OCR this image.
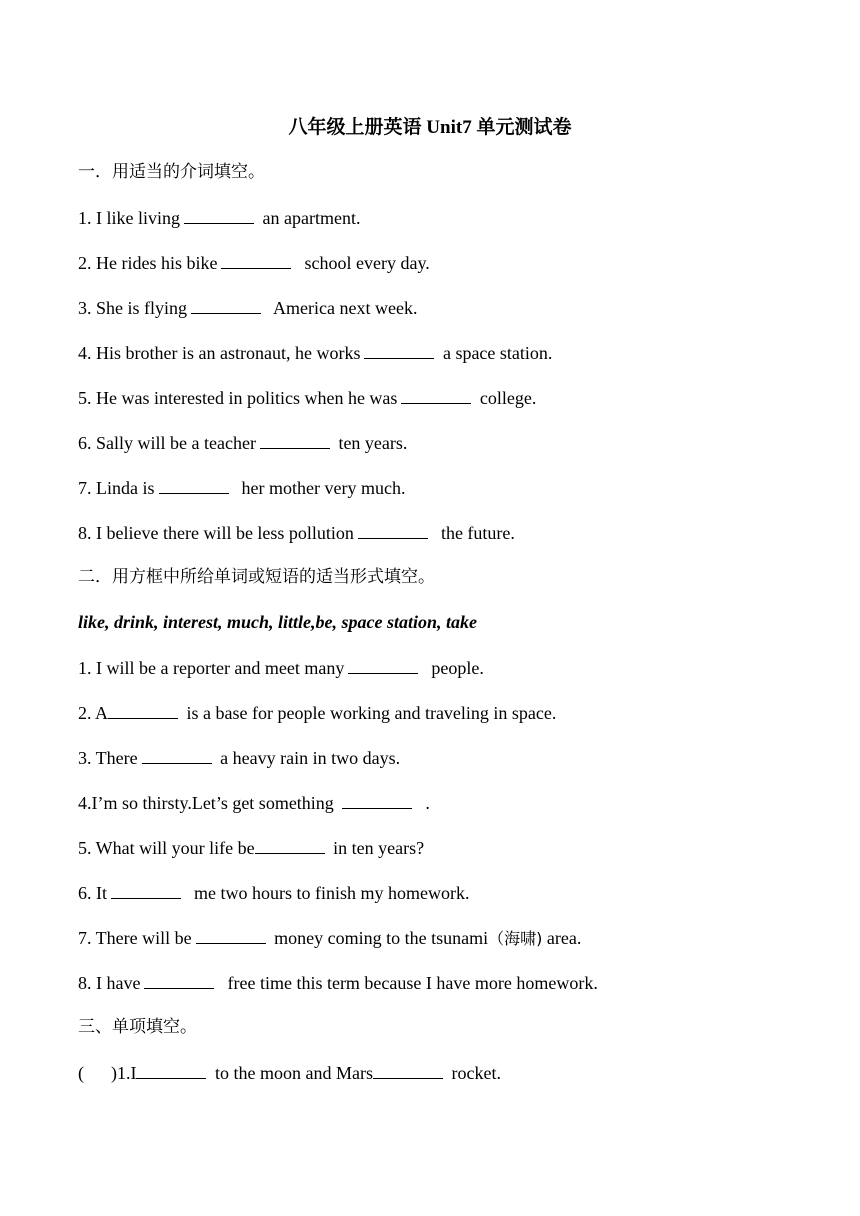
八年级上册英语 Unit7 单元测试卷
一．用适当的介词填空。
1. I like living	an apartment.
2. He rides his bike	school every day.
3. She is flying	America next week.
4. His brother is an astronaut, he works	a space station.
5. He was interested in politics when he was	college.
6. Sally will be a teacher	ten years.
7. Linda is	her mother very much.
8. I believe there will be less pollution	the future.
二．用方框中所给单词或短语的适当形式填空。
like, drink, interest, much, little,be, space station, take
1. I will be a reporter and meet many	people.
2. A	is a base for people working and traveling in space.
3. There	a heavy rain in two days.
4.I’m so thirsty.Let’s get something	.
5. What will your life be	in ten years?
6. It	me two hours to finish my homework.
7. There will be	money coming to the tsunami（海啸) area.
8. I have	free time this term because I have more homework.
三、单项填空。
(      )1.I	to the moon and Mars	rocket.
